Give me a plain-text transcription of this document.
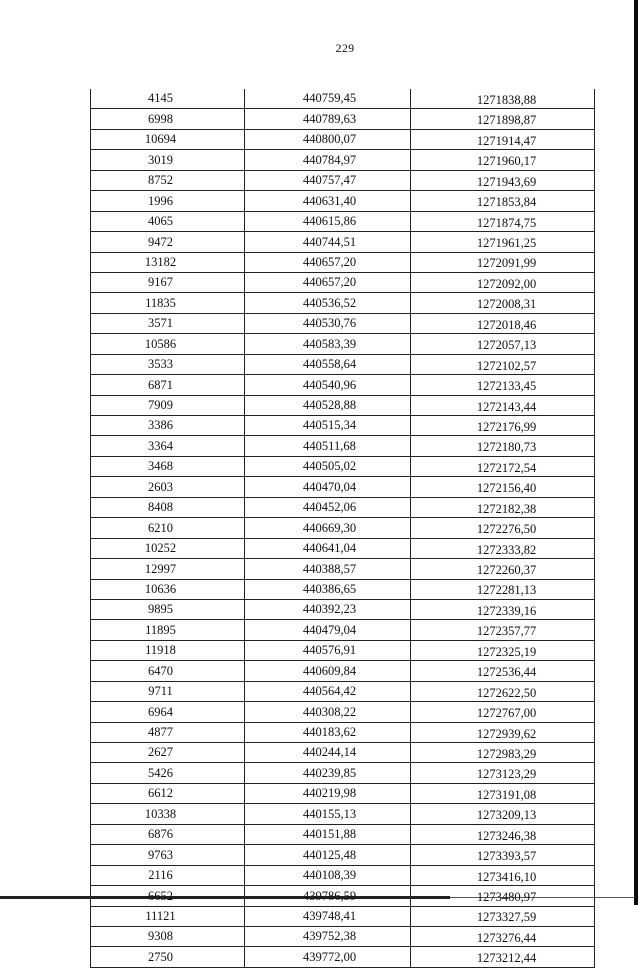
229
4145	440759,45	1271838,88
6998	440789,63	1271898,87
10694	440800,07	1271914,47
3019	440784,97	1271960,17
8752	440757,47	1271943,69
1996	440631,40	1271853,84
4065	440615,86	1271874,75
9472	440744,51	1271961,25
13182	440657,20	1272091,99
9167	440657,20	1272092,00
11835	440536,52	1272008,31
3571	440530,76	1272018,46
10586	440583,39	1272057,13
3533	440558,64	1272102,57
6871	440540,96	1272133,45
7909	440528,88	1272143,44
3386	440515,34	1272176,99
3364	440511,68	1272180,73
3468	440505,02	1272172,54
2603	440470,04	1272156,40
8408	440452,06	1272182,38
6210	440669,30	1272276,50
10252	440641,04	1272333,82
12997	440388,57	1272260,37
10636	440386,65	1272281,13
9895	440392,23	1272339,16
11895	440479,04	1272357,77
11918	440576,91	1272325,19
6470	440609,84	1272536,44
9711	440564,42	1272622,50
6964	440308,22	1272767,00
4877	440183,62	1272939,62
2627	440244,14	1272983,29
5426	440239,85	1273123,29
6612	440219,98	1273191,08
10338	440155,13	1273209,13
6876	440151,88	1273246,38
9763	440125,48	1273393,57
2116	440108,39	1273416,10
6652	439786,59	1273480,97
11121	439748,41	1273327,59
9308	439752,38	1273276,44
2750	439772,00	1273212,44
